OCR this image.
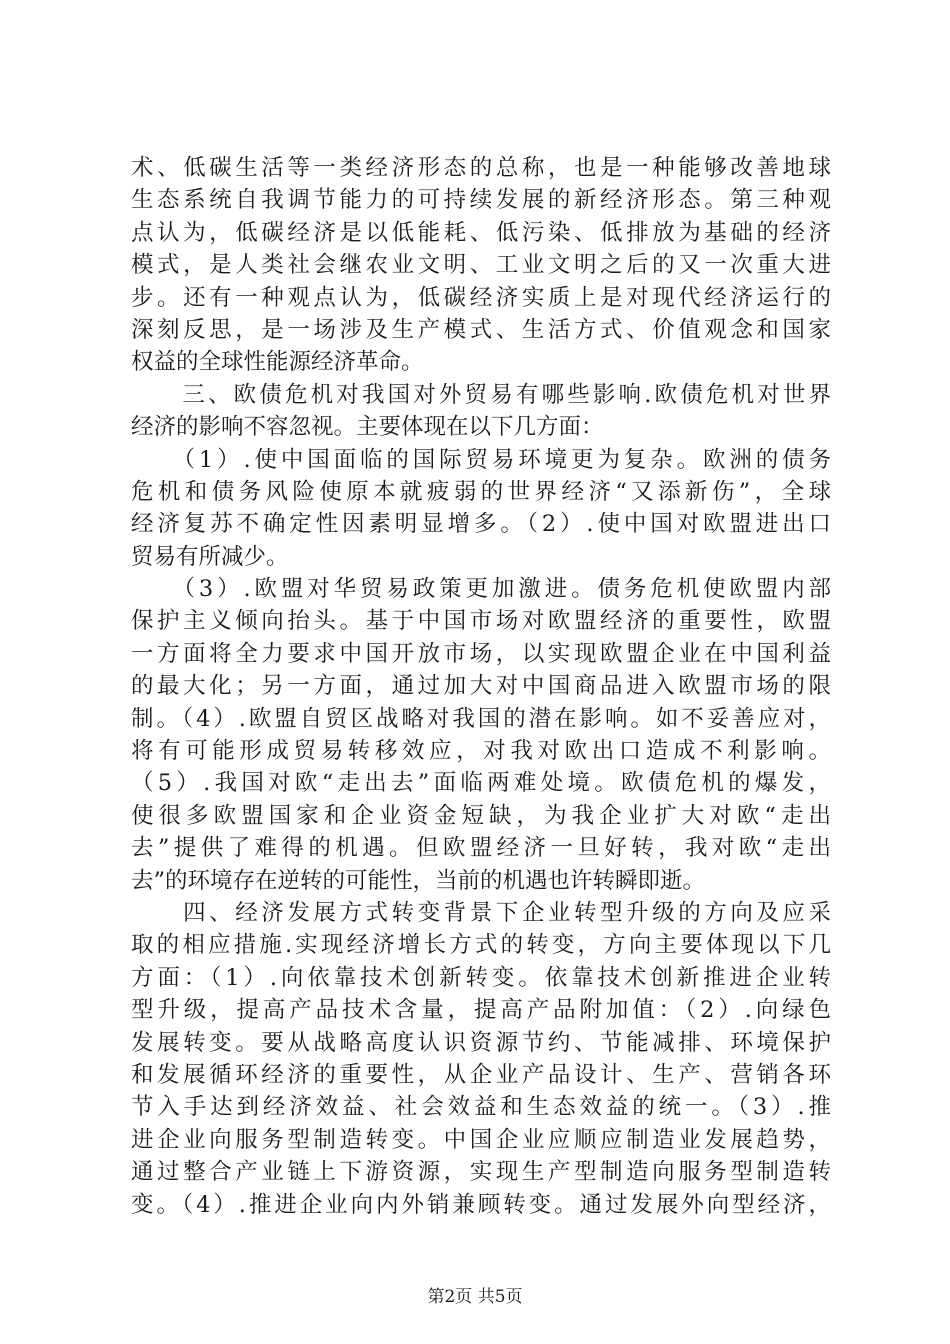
术、低碳生活等一类经济形态的总称，也是一种能够改善地球
生态系统自我调节能力的可持续发展的新经济形态。第三种观
点认为，低碳经济是以低能耗、低污染、低排放为基础的经济
模式，是人类社会继农业文明、工业文明之后的又一次重大进
步。还有一种观点认为，低碳经济实质上是对现代经济运行的
深刻反思，是一场涉及生产模式、生活方式、价值观念和国家
权益的全球性能源经济革命。
　　三、欧债危机对我国对外贸易有哪些影响.欧债危机对世界
经济的影响不容忽视。主要体现在以下几方面：
　　（1）.使中国面临的国际贸易环境更为复杂。欧洲的债务
危机和债务风险使原本就疲弱的世界经济“又添新伤”，全球
经济复苏不确定性因素明显增多。（2）.使中国对欧盟进出口
贸易有所减少。
　　（3）.欧盟对华贸易政策更加激进。债务危机使欧盟内部
保护主义倾向抬头。基于中国市场对欧盟经济的重要性，欧盟
一方面将全力要求中国开放市场，以实现欧盟企业在中国利益
的最大化；另一方面，通过加大对中国商品进入欧盟市场的限
制。（4）.欧盟自贸区战略对我国的潜在影响。如不妥善应对，
将有可能形成贸易转移效应，对我对欧出口造成不利影响。
（5）.我国对欧“走出去”面临两难处境。欧债危机的爆发，
使很多欧盟国家和企业资金短缺，为我企业扩大对欧“走出
去”提供了难得的机遇。但欧盟经济一旦好转，我对欧“走出
去”的环境存在逆转的可能性，当前的机遇也许转瞬即逝。
　　四、经济发展方式转变背景下企业转型升级的方向及应采
取的相应措施.实现经济增长方式的转变，方向主要体现以下几
方面：（1）.向依靠技术创新转变。依靠技术创新推进企业转
型升级，提高产品技术含量，提高产品附加值：（2）.向绿色
发展转变。要从战略高度认识资源节约、节能减排、环境保护
和发展循环经济的重要性，从企业产品设计、生产、营销各环
节入手达到经济效益、社会效益和生态效益的统一。（3）.推
进企业向服务型制造转变。中国企业应顺应制造业发展趋势，
通过整合产业链上下游资源，实现生产型制造向服务型制造转
变。（4）.推进企业向内外销兼顾转变。通过发展外向型经济，
第2页 共5页
